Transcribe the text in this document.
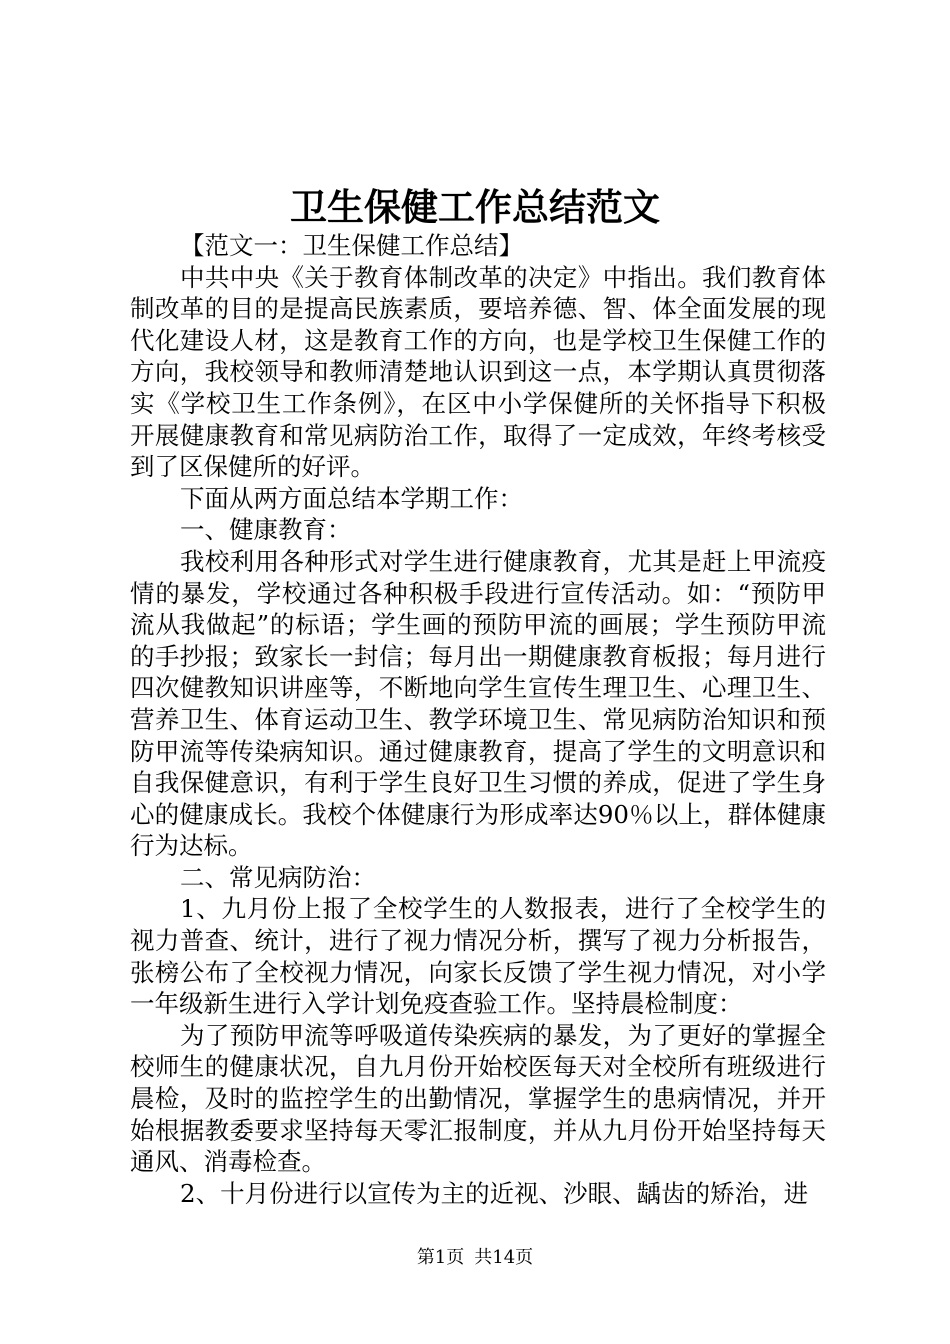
卫生保健工作总结范文

【范文一：卫生保健工作总结】

中共中央《关于教育体制改革的决定》中指出。我们教育体制改革的目的是提高民族素质，要培养德、智、体全面发展的现代化建设人材，这是教育工作的方向，也是学校卫生保健工作的方向，我校领导和教师清楚地认识到这一点，本学期认真贯彻落实《学校卫生工作条例》，在区中小学保健所的关怀指导下积极开展健康教育和常见病防治工作，取得了一定成效，年终考核受到了区保健所的好评。

下面从两方面总结本学期工作：

一、健康教育：

我校利用各种形式对学生进行健康教育，尤其是赶上甲流疫情的暴发，学校通过各种积极手段进行宣传活动。如：“预防甲流从我做起”的标语；学生画的预防甲流的画展；学生预防甲流的手抄报；致家长一封信；每月出一期健康教育板报；每月进行四次健教知识讲座等，不断地向学生宣传生理卫生、心理卫生、营养卫生、体育运动卫生、教学环境卫生、常见病防治知识和预防甲流等传染病知识。通过健康教育，提高了学生的文明意识和自我保健意识，有利于学生良好卫生习惯的养成，促进了学生身心的健康成长。我校个体健康行为形成率达90％以上，群体健康行为达标。

二、常见病防治：

1、九月份上报了全校学生的人数报表，进行了全校学生的视力普查、统计，进行了视力情况分析，撰写了视力分析报告，张榜公布了全校视力情况，向家长反馈了学生视力情况，对小学一年级新生进行入学计划免疫查验工作。坚持晨检制度：

为了预防甲流等呼吸道传染疾病的暴发，为了更好的掌握全校师生的健康状况，自九月份开始校医每天对全校所有班级进行晨检，及时的监控学生的出勤情况，掌握学生的患病情况，并开始根据教委要求坚持每天零汇报制度，并从九月份开始坚持每天通风、消毒检查。

2、十月份进行以宣传为主的近视、沙眼、龋齿的矫治，进

第1页 共14页
